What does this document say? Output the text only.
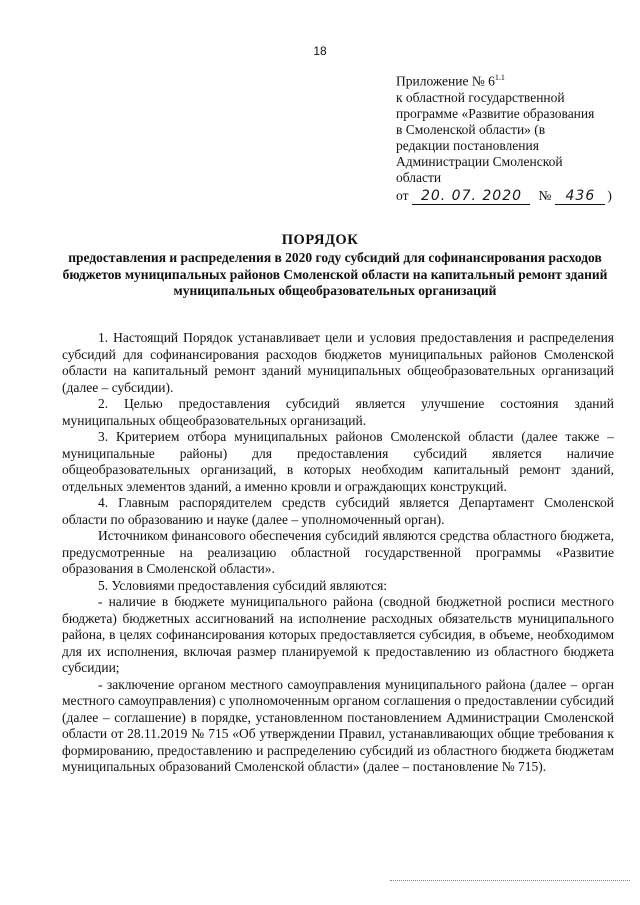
18
Приложение № $6^{1.1}$
к областной государственной
программе «Развитие образования
в Смоленской области» (в
редакции постановления
Администрации Смоленской
области
от 20. 07. 2020	№	436 )
ПОРЯДОК
предоставления и распределения в 2020 году субсидий для софинансирования расходов бюджетов муниципальных районов Смоленской области на капитальный ремонт зданий муниципальных общеобразовательных организаций

1. Настоящий Порядок устанавливает цели и условия предоставления и распределения субсидий для софинансирования расходов бюджетов муниципальных районов Смоленской области на капитальный ремонт зданий муниципальных общеобразовательных организаций (далее – субсидии).

2. Целью предоставления субсидий является улучшение состояния зданий муниципальных общеобразовательных организаций.

3. Критерием отбора муниципальных районов Смоленской области (далее также – муниципальные районы) для предоставления субсидий является наличие общеобразовательных организаций, в которых необходим капитальный ремонт зданий, отдельных элементов зданий, а именно кровли и ограждающих конструкций.

4. Главным распорядителем средств субсидий является Департамент Смоленской области по образованию и науке (далее – уполномоченный орган).

Источником финансового обеспечения субсидий являются средства областного бюджета, предусмотренные на реализацию областной государственной программы «Развитие образования в Смоленской области».

5. Условиями предоставления субсидий являются:

- наличие в бюджете муниципального района (сводной бюджетной росписи местного бюджета) бюджетных ассигнований на исполнение расходных обязательств муниципального района, в целях софинансирования которых предоставляется субсидия, в объеме, необходимом для их исполнения, включая размер планируемой к предоставлению из областного бюджета субсидии;

- заключение органом местного самоуправления муниципального района (далее – орган местного самоуправления) с уполномоченным органом соглашения о предоставлении субсидий (далее – соглашение) в порядке, установленном постановлением Администрации Смоленской области от 28.11.2019 № 715 «Об утверждении Правил, устанавливающих общие требования к формированию, предоставлению и распределению субсидий из областного бюджета бюджетам муниципальных образований Смоленской области» (далее – постановление № 715).
